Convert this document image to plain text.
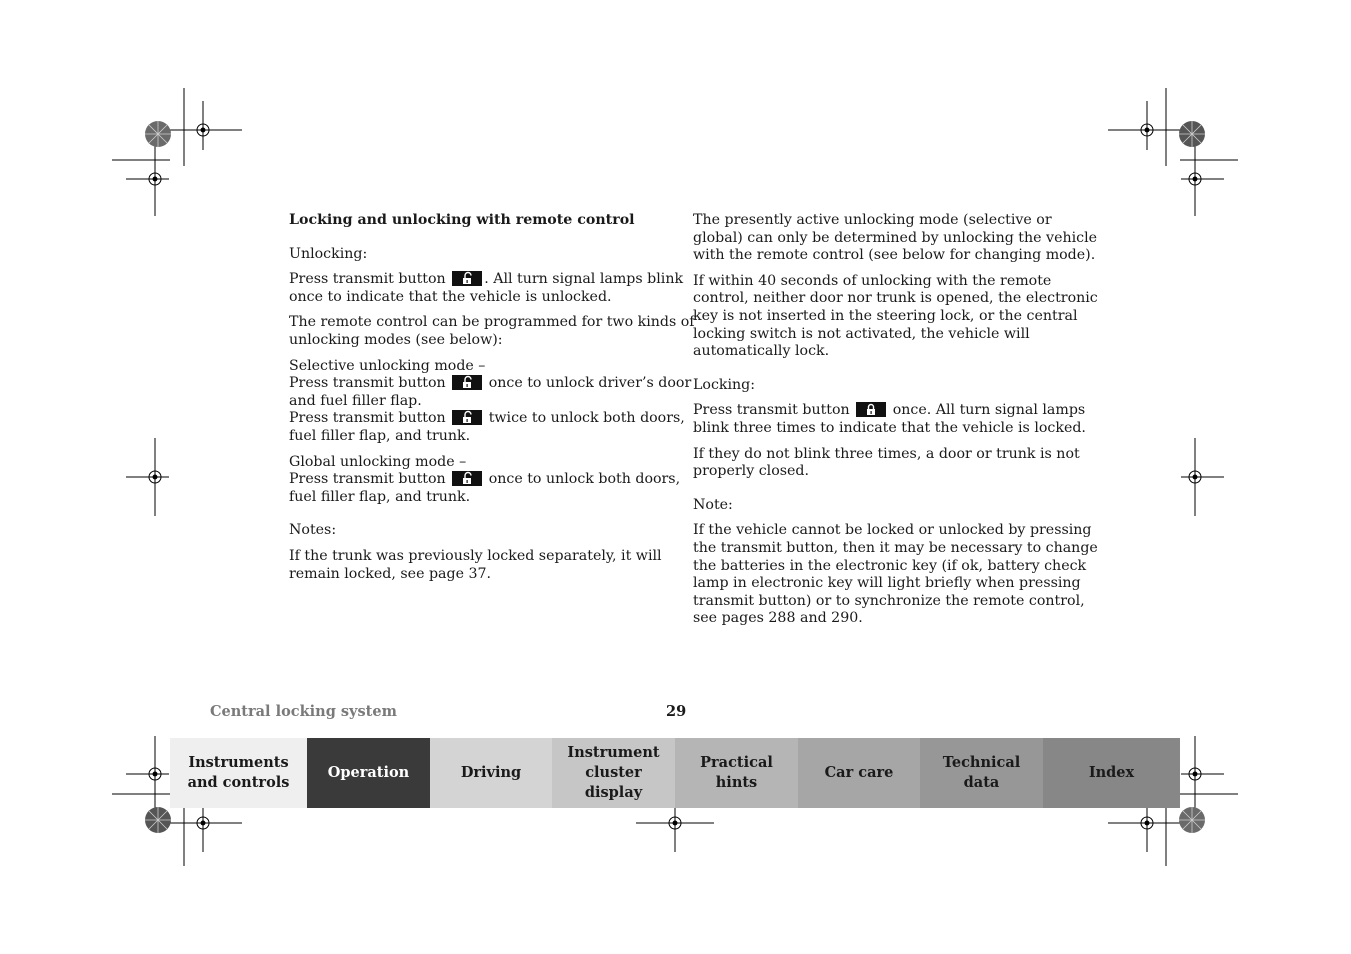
Locking and unlocking with remote control

Unlocking:

Press transmit button	. All turn signal lamps blink
once to indicate that the vehicle is unlocked.

The remote control can be programmed for two kinds of
unlocking modes (see below):

Selective unlocking mode –
Press transmit button	once to unlock driver’s door
and fuel filler flap.
Press transmit button	twice to unlock both doors,
fuel filler flap, and trunk.

Global unlocking mode –
Press transmit button	once to unlock both doors,
fuel filler flap, and trunk.

Notes:

If the trunk was previously locked separately, it will
remain locked, see page 37.

The presently active unlocking mode (selective or
global) can only be determined by unlocking the vehicle
with the remote control (see below for changing mode).

If within 40 seconds of unlocking with the remote
control, neither door nor trunk is opened, the electronic
key is not inserted in the steering lock, or the central
locking switch is not activated, the vehicle will
automatically lock.

Locking:

Press transmit button	once. All turn signal lamps
blink three times to indicate that the vehicle is locked.

If they do not blink three times, a door or trunk is not
properly closed.

Note:

If the vehicle cannot be locked or unlocked by pressing
the transmit button, then it may be necessary to change
the batteries in the electronic key (if ok, battery check
lamp in electronic key will light briefly when pressing
transmit button) or to synchronize the remote control,
see pages 288 and 290.

Central locking system	29
Instruments
and controls
Operation	Driving
Instrument
cluster display
Practical hints
Car care
Technical
data
Index
